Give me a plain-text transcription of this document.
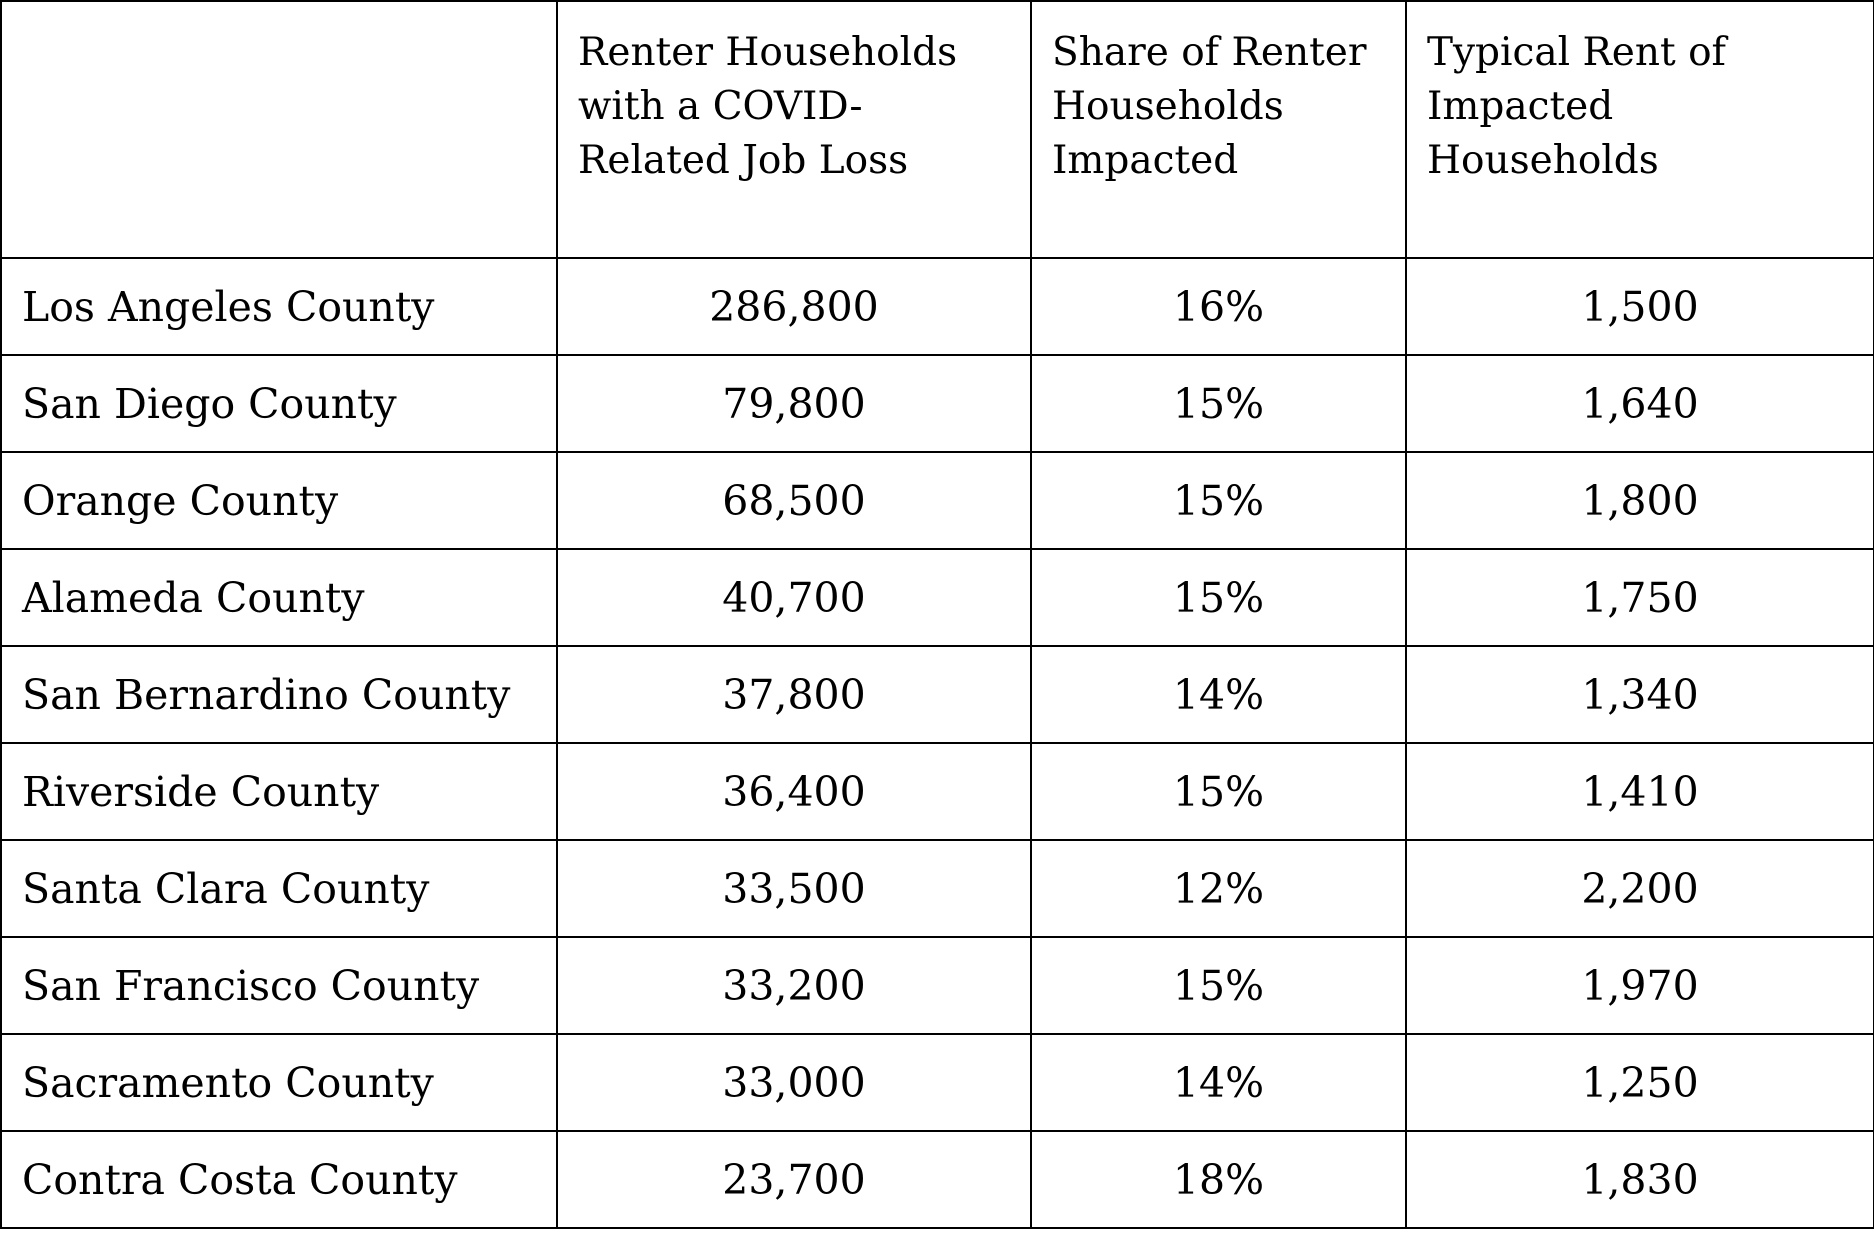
	Renter Households with a COVID-Related Job Loss	Share of Renter Households Impacted	Typical Rent of Impacted Households
Los Angeles County	286,800	16%	1,500
San Diego County	79,800	15%	1,640
Orange County	68,500	15%	1,800
Alameda County	40,700	15%	1,750
San Bernardino County	37,800	14%	1,340
Riverside County	36,400	15%	1,410
Santa Clara County	33,500	12%	2,200
San Francisco County	33,200	15%	1,970
Sacramento County	33,000	14%	1,250
Contra Costa County	23,700	18%	1,830
